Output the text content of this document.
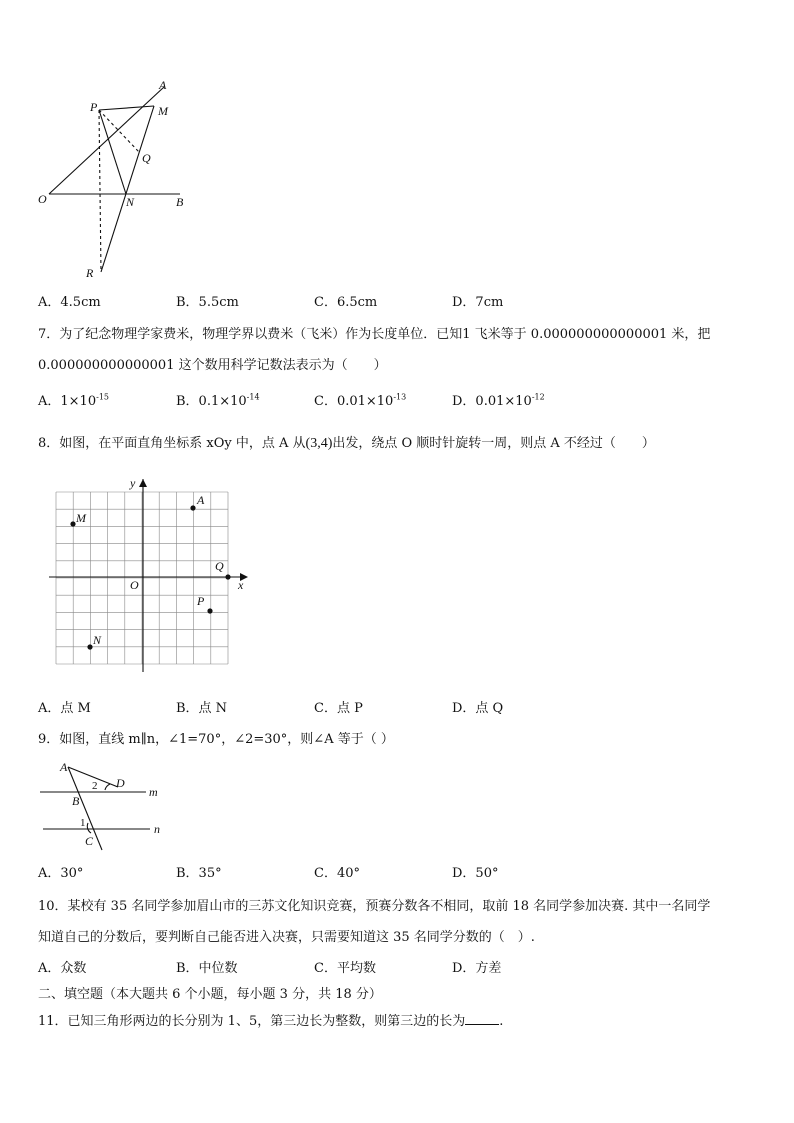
A
P	M
Q
O	N	B
R
A．4.5cm	B．5.5cm	C．6.5cm	D．7cm
7．为了纪念物理学家费米，物理学界以费米（飞米）作为长度单位．已知1 飞米等于 0.000000000000001 米，把
0.000000000000001 这个数用科学记数法表示为（　　）
A．$1\times 10^{-15}$	B．$0.1\times 10^{-14}$	C．$0.01\times 10^{-13}$	D．$0.01\times 10^{-12}$
8．如图，在平面直角坐标系 xOy 中，点 A 从(3,4)出发，绕点 O 顺时针旋转一周，则点 A 不经过（　　）
y
x
O
A
M
Q
P
N
A．点 M	B．点 N	C．点 P	D．点 Q
9．如图，直线 m∥n，∠1=70°，∠2=30°，则∠A 等于（ ）
A
D
B
C
m
n
2
1
A．30°	B．35°	C．40°	D．50°
10．某校有 35 名同学参加眉山市的三苏文化知识竞赛，预赛分数各不相同，取前 18 名同学参加决赛. 其中一名同学
知道自己的分数后，要判断自己能否进入决赛，只需要知道这 35 名同学分数的（　）.
A．众数	B．中位数	C．平均数	D．方差
二、填空题（本大题共 6 个小题，每小题 3 分，共 18 分）
11．已知三角形两边的长分别为 1、5，第三边长为整数，则第三边的长为	.
